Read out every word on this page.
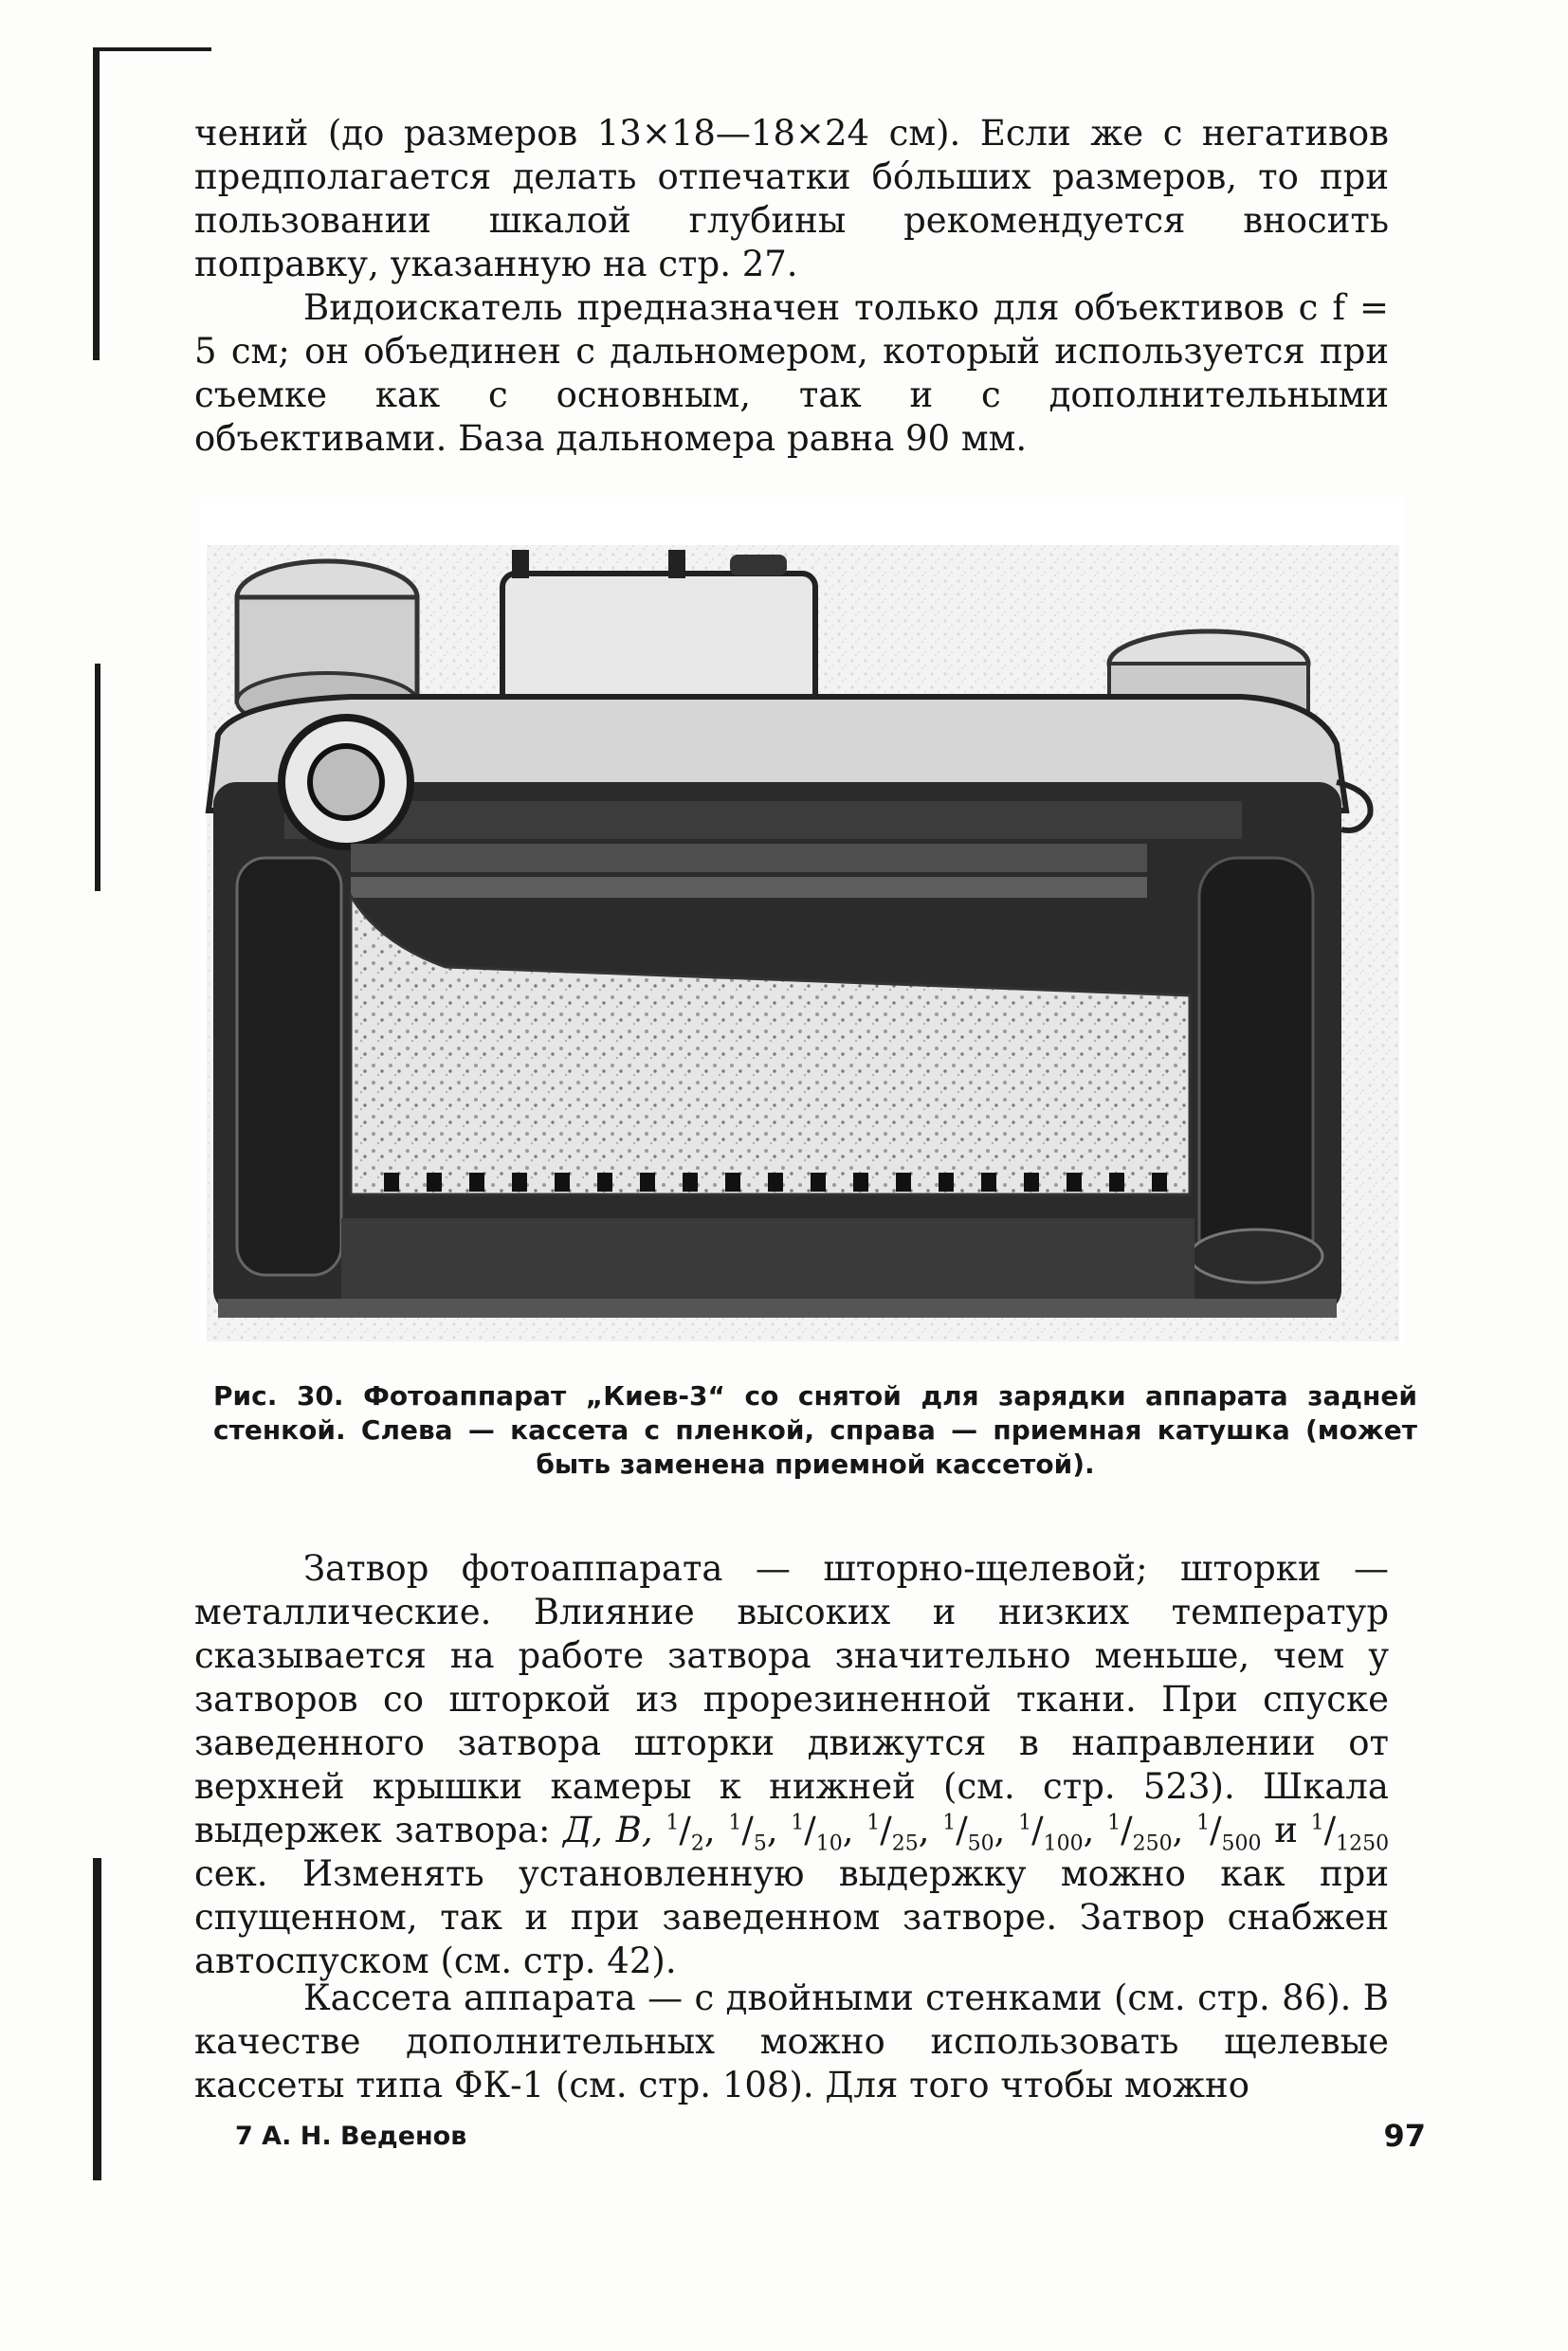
чений (до размеров 13×18—18×24 см). Если же с негативов предполагается делать отпечатки бо́льших размеров, то при пользовании шкалой глубины рекомендуется вносить поправку, указанную на стр. 27.

Видоискатель предназначен только для объективов с f = 5 см; он объединен с дальномером, который используется при съемке как с основным, так и с дополнительными объективами. База дальномера равна 90 мм.

Рис. 30. Фотоаппарат „Киев-3“ со снятой для зарядки аппарата задней
стенкой. Слева — кассета с пленкой, справа — приемная катушка (может
быть заменена приемной кассетой).

Затвор фотоаппарата — шторно-щелевой; шторки — металлические. Влияние высоких и низких температур сказывается на работе затвора значительно меньше, чем у затворов со шторкой из прорезиненной ткани. При спуске заведенного затвора шторки движутся в направлении от верхней крышки камеры к нижней (см. стр. 523). Шкала выдержек затвора: Д, В, $^1/_2$, $^1/_5$, $^1/_{10}$, $^1/_{25}$, $^1/_{50}$, $^1/_{100}$, $^1/_{250}$, $^1/_{500}$ и $^1/_{1250}$ сек. Изменять установленную выдержку можно как при спущенном, так и при заведенном затворе. Затвор снабжен автоспуском (см. стр. 42).

Кассета аппарата — с двойными стенками (см. стр. 86). В качестве дополнительных можно использовать щелевые кассеты типа ФК-1 (см. стр. 108). Для того чтобы можно

7 А. Н. Веденов	97
